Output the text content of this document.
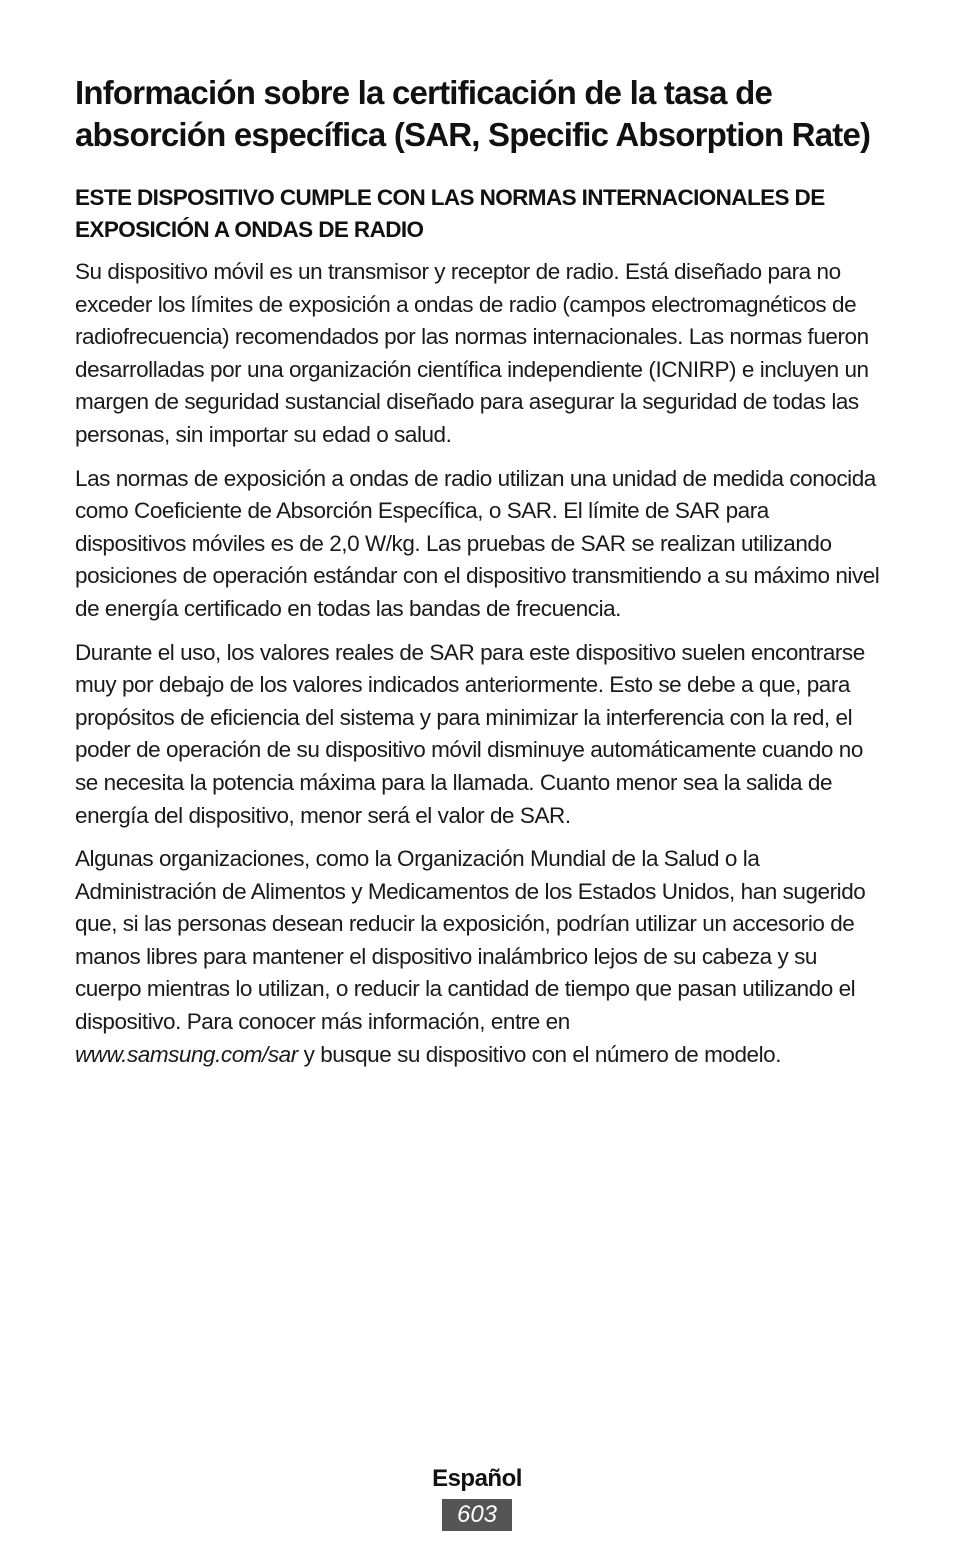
Información sobre la certificación de la tasa de absorción específica (SAR, Specific Absorption Rate)
ESTE DISPOSITIVO CUMPLE CON LAS NORMAS INTERNACIONALES DE EXPOSICIÓN A ONDAS DE RADIO

Su dispositivo móvil es un transmisor y receptor de radio. Está diseñado para no exceder los límites de exposición a ondas de radio (campos electromagnéticos de radiofrecuencia) recomendados por las normas internacionales. Las normas fueron desarrolladas por una organización científica independiente (ICNIRP) e incluyen un margen de seguridad sustancial diseñado para asegurar la seguridad de todas las personas, sin importar su edad o salud.

Las normas de exposición a ondas de radio utilizan una unidad de medida conocida como Coeficiente de Absorción Específica, o SAR. El límite de SAR para dispositivos móviles es de 2,0 W/kg. Las pruebas de SAR se realizan utilizando posiciones de operación estándar con el dispositivo transmitiendo a su máximo nivel de energía certificado en todas las bandas de frecuencia.

Durante el uso, los valores reales de SAR para este dispositivo suelen encontrarse muy por debajo de los valores indicados anteriormente. Esto se debe a que, para propósitos de eficiencia del sistema y para minimizar la interferencia con la red, el poder de operación de su dispositivo móvil disminuye automáticamente cuando no se necesita la potencia máxima para la llamada. Cuanto menor sea la salida de energía del dispositivo, menor será el valor de SAR.

Algunas organizaciones, como la Organización Mundial de la Salud o la Administración de Alimentos y Medicamentos de los Estados Unidos, han sugerido que, si las personas desean reducir la exposición, podrían utilizar un accesorio de manos libres para mantener el dispositivo inalámbrico lejos de su cabeza y su cuerpo mientras lo utilizan, o reducir la cantidad de tiempo que pasan utilizando el dispositivo. Para conocer más información, entre en
www.samsung.com/sar y busque su dispositivo con el número de modelo.

Español
603
